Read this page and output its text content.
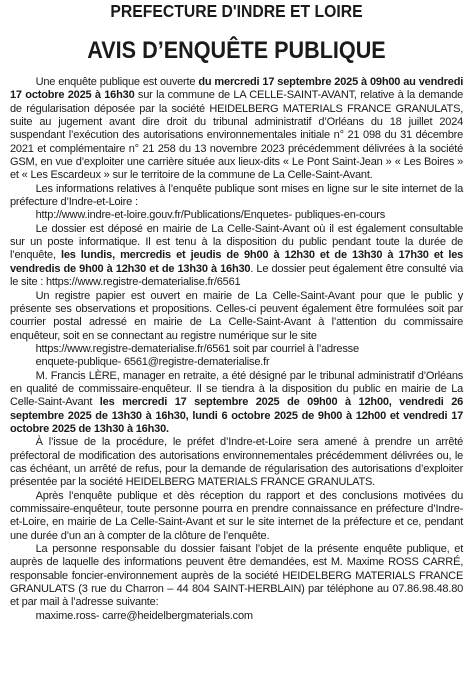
PREFECTURE D'INDRE ET LOIRE
AVIS D’ENQUÊTE PUBLIQUE

Une enquête publique est ouverte du mercredi 17 septembre 2025 à 09h00 au vendredi 17 octobre 2025 à 16h30 sur la commune de LA CELLE-SAINT-AVANT, relative à la demande de régularisation déposée par la société HEIDELBERG MATERIALS FRANCE GRANULATS, suite au jugement avant dire droit du tribunal administratif d’Orléans du 18 juillet 2024 suspendant l’exécution des autorisations environnementales initiale n° 21 098 du 31 décembre 2021 et complémentaire n° 21 258 du 13 novembre 2023 précédemment délivrées à la société GSM, en vue d’exploiter une carrière située aux lieux-dits « Le Pont Saint-Jean » « Les Boires » et « Les Escardeux » sur le territoire de la commune de La Celle-Saint-Avant.

Les informations relatives à l’enquête publique sont mises en ligne sur le site internet de la préfecture d’Indre-et-Loire :

http://www.indre-et-loire.gouv.fr/Publications/Enquetes- publiques-en-cours

Le dossier est déposé en mairie de La Celle-Saint-Avant où il est également consultable sur un poste informatique. Il est tenu à la disposition du public pendant toute la durée de l’enquête, les lundis, mercredis et jeudis de 9h00 à 12h30 et de 13h30 à 17h30 et les vendredis de 9h00 à 12h30 et de 13h30 à 16h30. Le dossier peut également être consulté via le site : https://www.registre-dematerialise.fr/6561

Un registre papier est ouvert en mairie de La Celle-Saint-Avant pour que le public y présente ses observations et propositions. Celles-ci peuvent également être formulées soit par courrier postal adressé en mairie de La Celle-Saint-Avant à l’attention du commissaire enquêteur, soit en se connectant au registre numérique sur le site

https://www.registre-dematerialise.fr/6561 soit par courriel à l’adresse

enquete-publique- 6561@registre-dematerialise.fr

M. Francis LÈRE, manager en retraite, a été désigné par le tribunal administratif d’Orléans en qualité de commissaire-enquêteur. Il se tiendra à la disposition du public en mairie de La Celle-Saint-Avant les mercredi 17 septembre 2025 de 09h00 à 12h00, vendredi 26 septembre 2025 de 13h30 à 16h30, lundi 6 octobre 2025 de 9h00 à 12h00 et vendredi 17 octobre 2025 de 13h30 à 16h30.

À l’issue de la procédure, le préfet d’Indre-et-Loire sera amené à prendre un arrêté préfectoral de modification des autorisations environnementales précédemment délivrées ou, le cas échéant, un arrêté de refus, pour la demande de régularisation des autorisations d’exploiter présentée par la société HEIDELBERG MATERIALS FRANCE GRANULATS.

Après l’enquête publique et dès réception du rapport et des conclusions motivées du commissaire-enquêteur, toute personne pourra en prendre connaissance en préfecture d’Indre-et-Loire, en mairie de La Celle-Saint-Avant et sur le site internet de la préfecture et ce, pendant une durée d’un an à compter de la clôture de l’enquête.

La personne responsable du dossier faisant l’objet de la présente enquête publique, et auprès de laquelle des informations peuvent être demandées, est M. Maxime ROSS CARRÉ, responsable foncier-environnement auprès de la société HEIDELBERG MATERIALS FRANCE GRANULATS (3 rue du Charron – 44 804 SAINT-HERBLAIN) par téléphone au 07.86.98.48.80 et par mail à l’adresse suivante:

maxime.ross- carre@heidelbergmaterials.com
